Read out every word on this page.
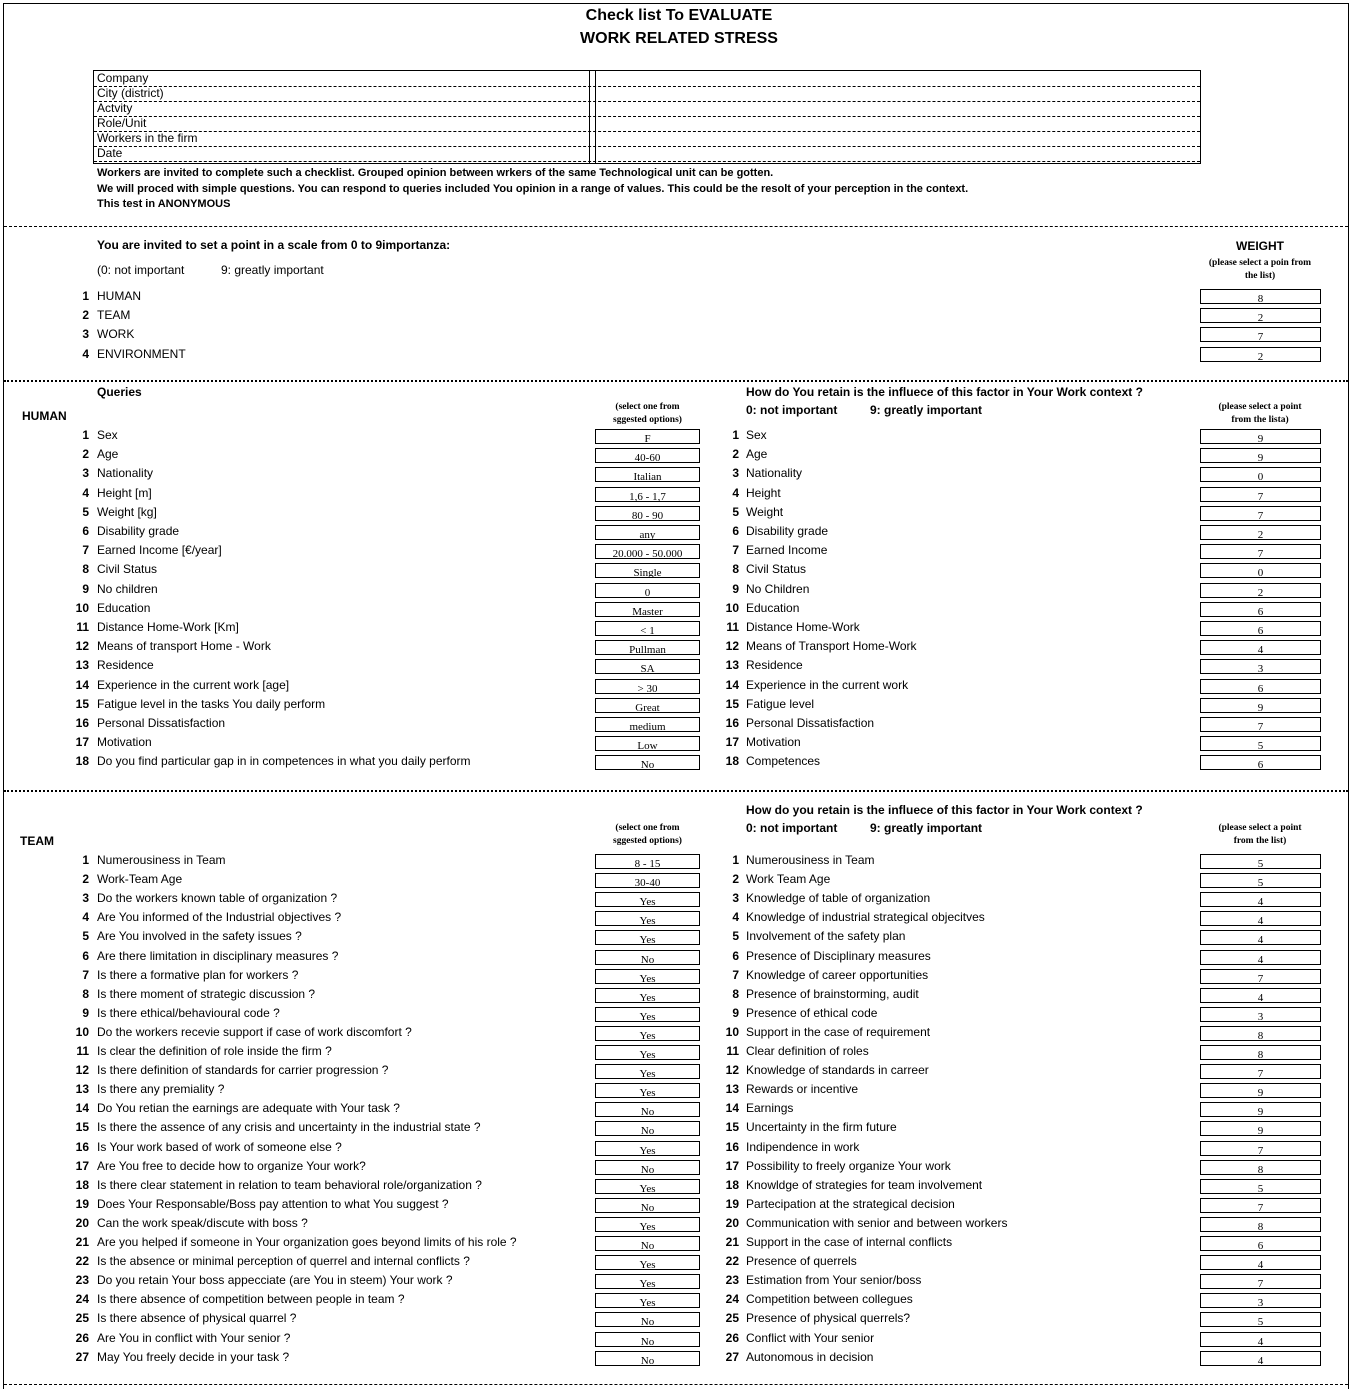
Check list To EVALUATE
WORK RELATED STRESS
Company
City (district)
Actvity
Role/Unit
Workers in the firm
Date
Workers are invited to complete such a checklist. Grouped opinion between wrkers of the same Technological unit can be gotten.
We will proced with simple questions. You can respond to queries included You opinion in a range of values. This could be the resolt of your perception in the context.
This test in ANONYMOUS
You are invited to set a point in a scale from 0 to 9importanza:
(0: not important	9: greatly important
WEIGHT
(please select a poin from
the list)
1 HUMAN	8
2 TEAM	2
3 WORK	7
4 ENVIRONMENT	2
Queries
HUMAN
(select one from
sggested options)
How do You retain is the influece of this factor in Your Work context ?
0: not important	9: greatly important	(please select a point
from the lista)
1 Sex	F	1 Sex	9
2 Age	40-60	2 Age	9
3 Nationality	Italian	3 Nationality	0
4 Height [m]	1,6 - 1,7	4 Height	7
5 Weight [kg]	80 - 90	5 Weight	7
6 Disability grade	any	6 Disability grade	2
7 Earned Income [€/year]	20.000 - 50.000	7 Earned Income	7
8 Civil Status	Single	8 Civil Status	0
9 No children	0	9 No Children	2
10 Education	Master	10 Education	6
11 Distance Home-Work [Km]	< 1	11 Distance Home-Work	6
12 Means of transport Home - Work	Pullman	12 Means of Transport Home-Work	4
13 Residence	SA	13 Residence	3
14 Experience in the current work [age]	> 30	14 Experience in the current work	6
15 Fatigue level in the tasks You daily perform	Great	15 Fatigue level	9
16 Personal Dissatisfaction	medium	16 Personal Dissatisfaction	7
17 Motivation	Low	17 Motivation	5
18 Do you find particular gap in in competences in what you daily perform	No	18 Competences	6
TEAM
(select one from
sggested options)
How do you retain is the influece of this factor in Your Work context ?
0: not important	9: greatly important	(please select a point
from the list)
1 Numerousiness in Team	8 - 15	1 Numerousiness in Team	5
2 Work-Team Age	30-40	2 Work Team Age	5
3 Do the workers known table of organization ?	Yes	3 Knowledge of table of organization	4
4 Are You informed of the Industrial objectives ?	Yes	4 Knowledge of industrial strategical objecitves	4
5 Are You involved in the safety issues ?	Yes	5 Involvement of the safety plan	4
6 Are there limitation in disciplinary measures ?	No	6 Presence of Disciplinary measures	4
7 Is there a formative plan for workers ?	Yes	7 Knowledge of career opportunities	7
8 Is there moment of strategic discussion ?	Yes	8 Presence of brainstorming, audit	4
9 Is there ethical/behavioural code ?	Yes	9 Presence of ethical code	3
10 Do the workers recevie support if case of work discomfort ?	Yes	10 Support in the case of requirement	8
11 Is clear the definition of role inside the firm ?	Yes	11 Clear definition of roles	8
12 Is there definition of standards for carrier progression ?	Yes	12 Knowledge of standards in carreer	7
13 Is there any premiality ?	Yes	13 Rewards or incentive	9
14 Do You retian the earnings are adequate with Your task ?	No	14 Earnings	9
15 Is there the assence of any crisis and uncertainty in the industrial state ?	No	15 Uncertainty in the firm future	9
16 Is Your work based of work of someone else ?	Yes	16 Indipendence in work	7
17 Are You free to decide how to organize Your work?	No	17 Possibility to freely organize Your work	8
18 Is there clear statement in relation to team behavioral role/organization ?	Yes	18 Knowldge of strategies for team involvement	5
19 Does Your Responsable/Boss pay attention to what You suggest ?	No	19 Partecipation at the strategical decision	7
20 Can the work speak/discute with boss ?	Yes	20 Communication with senior and between workers	8
21 Are you helped if someone in Your organization goes beyond limits of his role ?	No	21 Support in the case of internal conflicts	6
22 Is the absence or minimal perception of querrel and internal conflicts ?	Yes	22 Presence of querrels	4
23 Do you retain Your boss appecciate (are You in steem) Your work ?	Yes	23 Estimation from Your senior/boss	7
24 Is there absence of competition between people in team ?	Yes	24 Competition between collegues	3
25 Is there absence of physical quarrel ?	No	25 Presence of physical querrels?	5
26 Are You in conflict with Your senior ?	No	26 Conflict with Your senior	4
27 May You freely decide in your task ?	No	27 Autonomous in decision	4
